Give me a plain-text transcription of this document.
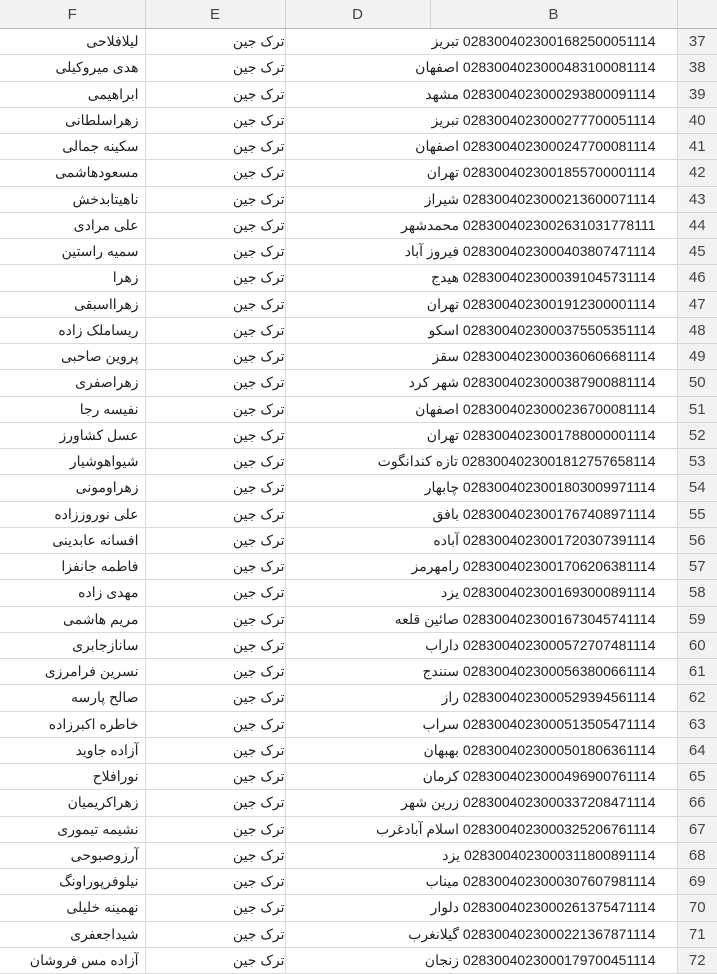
F	E	D	B	
لیلافلاحی	ترک جین	تبریز 0283004023001682500051114		37
هدی میروکیلی	ترک جین	اصفهان 0283004023000483100081114		38
ابراهیمی	ترک جین	مشهد 0283004023000293800091114		39
زهراسلطانی	ترک جین	تبریز 0283004023000277700051114		40
سکینه جمالی	ترک جین	اصفهان 0283004023000247700081114		41
مسعودهاشمی	ترک جین	تهران 0283004023001855700001114		42
ناهیتابدخش	ترک جین	شیراز 0283004023000213600071114		43
علی مرادی	ترک جین	محمدشهر 0283004023002631031778111		44
سمیه راستین	ترک جین	فیروز آباد 0283004023000403807471114		45
زهرا	ترک جین	هیدج 0283004023000391045731114		46
زهرااسبقی	ترک جین	تهران 0283004023001912300001114		47
ریساملک زاده	ترک جین	اسکو 0283004023000375505351114		48
پروین صاحبی	ترک جین	سقز 0283004023000360606681114		49
زهراصفری	ترک جین	شهر کرد 0283004023000387900881114		50
نفیسه رجا	ترک جین	اصفهان 0283004023000236700081114		51
عسل کشاورز	ترک جین	تهران 0283004023001788000001114		52
شیواهوشیار	ترک جین	تازه کندانگوت 0283004023001812757658114		53
زهراومونی	ترک جین	چابهار 0283004023001803009971114		54
علی نوروززاده	ترک جین	بافق 0283004023001767408971114		55
افسانه عابدینی	ترک جین	آباده 0283004023001720307391114		56
فاطمه جانفزا	ترک جین	رامهرمز 0283004023001706206381114		57
مهدی زاده	ترک جین	یزد 0283004023001693000891114		58
مریم هاشمی	ترک جین	صائین قلعه 0283004023001673045741114		59
سانازجابری	ترک جین	داراب 0283004023000572707481114		60
نسرین فرامرزی	ترک جین	سنندج 0283004023000563800661114		61
صالح پارسه	ترک جین	راز 0283004023000529394561114		62
خاطره اکبرزاده	ترک جین	سراب 0283004023000513505471114		63
آزاده جاوید	ترک جین	بهبهان 0283004023000501806361114		64
نورافلاح	ترک جین	کرمان 0283004023000496900761114		65
زهراکریمیان	ترک جین	زرین شهر 0283004023000337208471114		66
نشیمه تیموری	ترک جین	اسلام آبادغرب 0283004023000325206761114		67
آرزوصبوحی	ترک جین	یزد 0283004023000311800891114		68
نیلوفرپوراونگ	ترک جین	میناب 0283004023000307607981114		69
نهمینه خلیلی	ترک جین	دلوار 0283004023000261375471114		70
شیداجعفری	ترک جین	گیلانغرب 0283004023000221367871114		71
آزاده مس فروشان	ترک جین	زنجان 0283004023000179700451114		72
